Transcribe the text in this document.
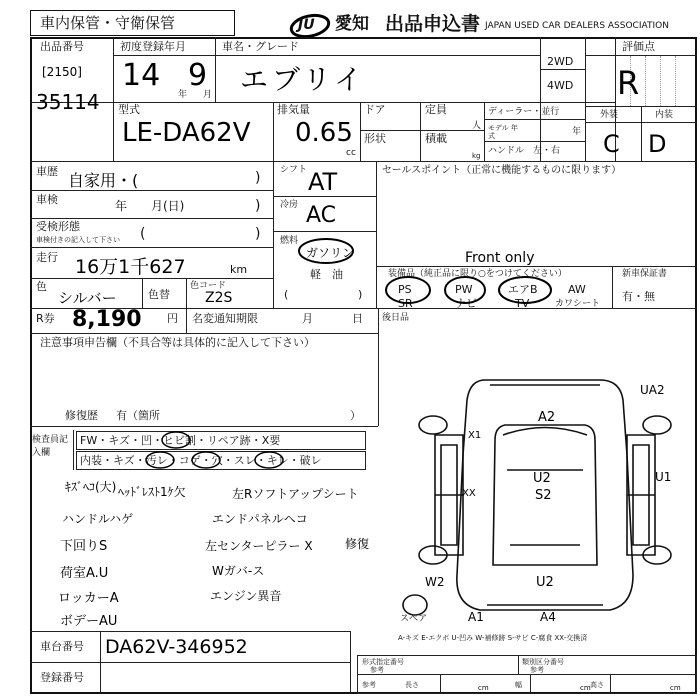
車内保管・守衛保管	JU 愛知 出品申込書 JAPAN USED CAR DEALERS ASSOCIATION
出品番号
[2150]
35114
初度登録年月
14
年
9
月
車名・グレード
エブリイ
2WD
4WD
評価点
R
外装	内装
C D
型式
LE-DA62V
排気量
0.65
cc
ドア
形状
定員
人
積載
kg
ディーラー・並行
モデル 年式	年
ハンドル　左・右
車歴 自家用・(	)
車検	年　　月(日)	)
受検形態
車検付きの記入して下さい (	)
走行 16万1千627	km
色
シルバー	色替
色コード
Z2S
シフト AT
冷房 AC
燃料
ガソリン
軽　油
(	)
セールスポイント（正常に機能するものに限ります）
Front only
装備品（純正品に限り○をつけてください）
PS	PW	エアB	AW
SR	ナビ	TV	カワシート
新車保証書
有・無
R券 8,190 円 名変通知期限	月	日 後日品
注意事項申告欄（不具合等は具体的に記入して下さい）
修復歴 有（箇所	）
検査員記入欄
FW・キズ・凹・ヒビ割・リペア跡・X要
内装・キズ・汚レ・コゲ・穴・スレ・キレ・破レ
ｷｽﾞﾍｺ(大) ﾍｯﾄﾞﾚｽﾄ1ｹ欠	左Rソフトアップシート
ハンドルハゲ	エンドパネルヘコ
下回りS	左センターピラー X	修復
荷室A.U	Wガバ-ス
ロッカーA	エンジン異音
ボデーAU
UA2
A2
X1
U1
XX
U2
S2
U2
W2
A1	A4
スペア
車台番号 DA62V-346952
登録番号
A-キズ E-エクボ U-凹み W-補修跡 S-サビ C-腐食 XX-交換済
形式指定番号
参考
類別区分番号
参考
参考	長さ	cm	幅	cm 高さ	cm
